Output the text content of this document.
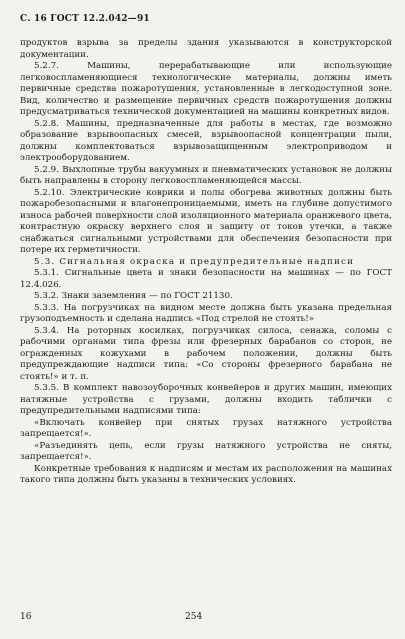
С. 16 ГОСТ 12.2.042—91

продуктов взрыва за пределы здания указываются в конструкторской документации.

5.2.7. Машины, перерабатывающие или использующие легковоспламеняющиеся технологические материалы, должны иметь первичные средства пожаротушения, установленные в легкодоступной зоне. Вид, количество и размещение первичных средств пожаротушения должны предусматриваться технической документацией на машины конкретных видов.

5.2.8. Машины, предназначенные для работы в местах, где возможно образование взрывоопасных смесей, взрывоопасной концентрации пыли, должны комплектоваться взрывозащищенным электроприводом и электрооборудованием.

5.2.9. Выхлопные трубы вакуумных и пневматических установок не должны быть направлены в сторону легковоспламеняющейся массы.

5.2.10. Электрические коврики и полы обогрева животных должны быть пожаробезопасными и влагонепроницаемыми, иметь на глубине допустимого износа рабочей поверхности слой изоляционного материала оранжевого цвета, контрастную окраску верхнего слоя и защиту от токов утечки, а также снабжаться сигнальными устройствами для обеспечения безопасности при потере их герметичности.

5.3. Сигнальная окраска и предупредительные надписи

5.3.1. Сигнальные цвета и знаки безопасности на машинах — по ГОСТ 12.4.026.

5.3.2. Знаки заземления — по ГОСТ 21130.

5.3.3. На погрузчиках на видном месте должна быть указана предельная грузоподъемность и сделана надпись «Под стрелой не стоять!»

5.3.4. На роторных косилках, погрузчиках силоса, сенажа, соломы с рабочими органами типа фрезы или фрезерных барабанов со сторон, не огражденных кожухами в рабочем положении, должны быть предупреждающие надписи типа: «Со стороны фрезерного барабана не стоять!» и т. п.

5.3.5. В комплект навозоуборочных конвейеров и других машин, имеющих натяжные устройства с грузами, должны входить таблички с предупредительными надписями типа:

«Включать конвейер при снятых грузах натяжного устройства запрещается!».

«Разъединять цепь, если грузы натяжного устройства не сняты, запрещается!».

Конкретные требования к надписям и местам их расположения на машинах такого типа должны быть указаны в технических условиях.

16	254
